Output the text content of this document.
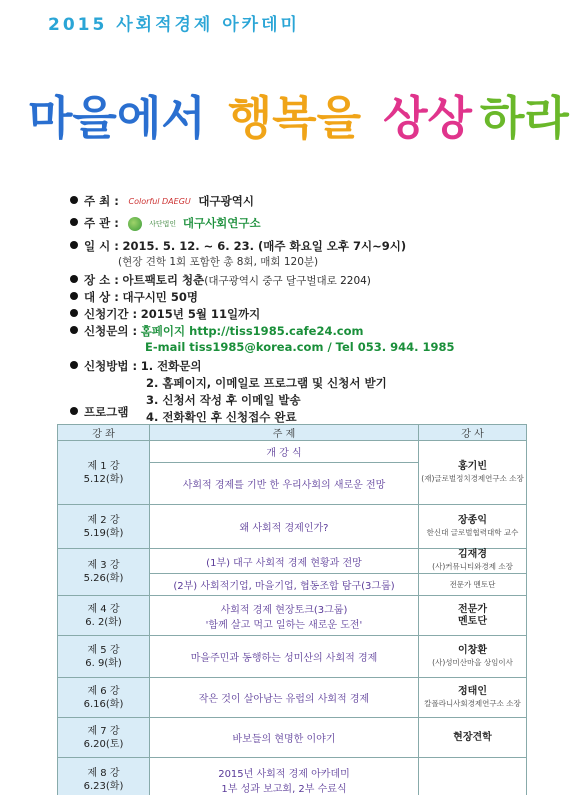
2015 사회적경제 아카데미
마을에서 행복을 상상 하라
주 최 : Colorful DAEGU 대구광역시
주 관 :	사단법인 대구사회연구소
일 시 : 2015. 5. 12. ~ 6. 23. (매주 화요일 오후 7시~9시)
(현장 견학 1회 포함한 총 8회, 매회 120분)
장 소 : 아트팩토리 청춘(대구광역시 중구 달구벌대로 2204)
대 상 : 대구시민 50명
신청기간 : 2015년 5월 11일까지
신청문의 : 홈페이지 http://tiss1985.cafe24.com
E-mail tiss1985@korea.com / Tel 053. 944. 1985
신청방법 : 1. 전화문의
2. 홈페이지, 이메일로 프로그램 및 신청서 받기
3. 신청서 작성 후 이메일 발송
4. 전화확인 후 신청접수 완료
프로그램
강 좌	주 제	강 사
제 1 강
5.12(화)	개 강 식	홍기빈
(재)글로벌정치경제연구소 소장

	사회적 경제를 기반 한 우리사회의 새로운 전망	
제 2 강
5.19(화)	왜 사회적 경제인가?	장종익
한신대 글로벌협력대학 교수

제 3 강
5.26(화)	(1부) 대구 사회적 경제 현황과 전망	김재경
(사)커뮤니티와경제 소장

	(2부) 사회적기업, 마을기업, 협동조합 탐구(3그룹)	전문가 멘토단

제 4 강
6. 2(화)	사회적 경제 현장토크(3그룹)
'함께 살고 먹고 일하는 새로운 도전'	전문가
멘토단

제 5 강
6. 9(화)	마을주민과 동행하는 성미산의 사회적 경제	이창환
(사)성미산마을 상임이사

제 6 강
6.16(화)	작은 것이 살아남는 유럽의 사회적 경제	정태인
칼폴라니사회경제연구소 소장

제 7 강
6.20(토)	바보들의 현명한 이야기	현장견학

제 8 강
6.23(화)	2015년 사회적 경제 아카데미
1부 성과 보고회, 2부 수료식	
